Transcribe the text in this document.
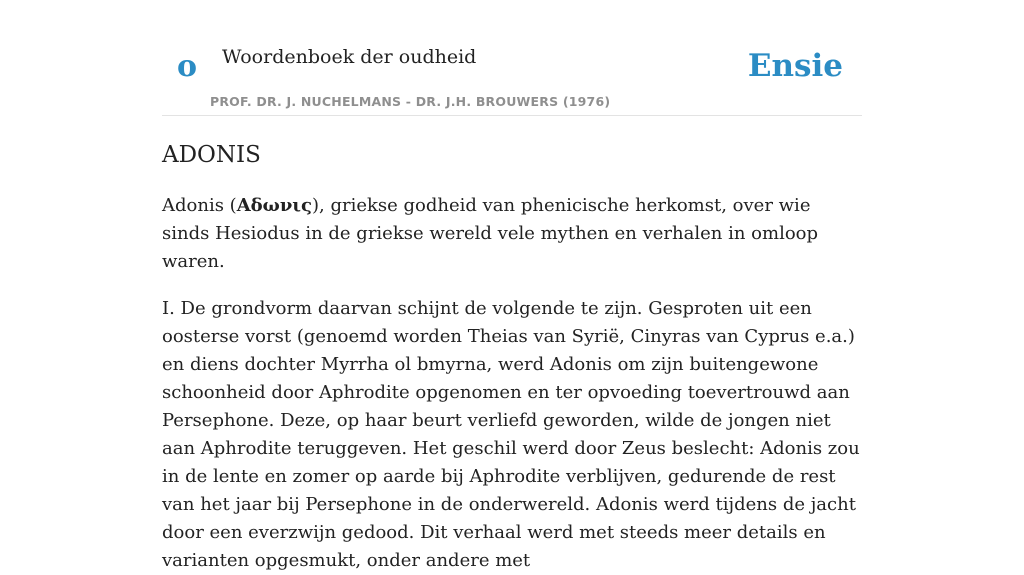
o Woordenboek der oudheid
PROF. DR. J. NUCHELMANS - DR. J.H. BROUWERS (1976)
Ensie
ADONIS

Adonis (Αδωνις), griekse godheid van phenicische herkomst, over wie sinds Hesiodus in de griekse wereld vele mythen en verhalen in omloop waren.

I. De grondvorm daarvan schijnt de volgende te zijn. Gesproten uit een oosterse vorst (genoemd worden Theias van Syrië, Cinyras van Cyprus e.a.) en diens dochter Myrrha ol bmyrna, werd Adonis om zijn buitengewone schoonheid door Aphrodite opgenomen en ter opvoeding toevertrouwd aan Persephone. Deze, op haar beurt verliefd geworden, wilde de jongen niet aan Aphrodite teruggeven. Het geschil werd door Zeus beslecht: Adonis zou in de lente en zomer op aarde bij Aphrodite verblijven, gedurende de rest van het jaar bij Persephone in de onderwereld. Adonis werd tijdens de jacht door een everzwijn gedood. Dit verhaal werd met steeds meer details en varianten opgesmukt, onder andere met
